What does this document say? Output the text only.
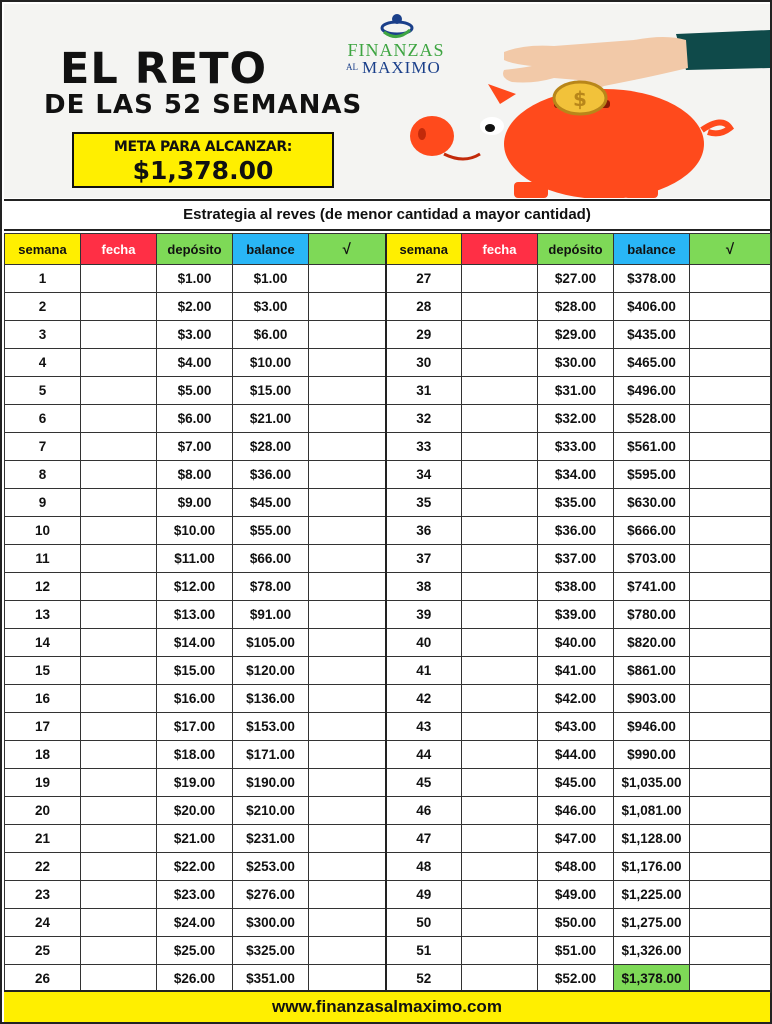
EL RETO
DE LAS 52 SEMANAS
META PARA ALCANZAR:
$1,378.00
FINANZAS
AL MAXIMO
$
Estrategia al reves (de menor cantidad a mayor cantidad)
semana	fecha	depósito	balance	√	semana	fecha	depósito	balance	√
1		$1.00	$1.00		27		$27.00	$378.00	
2		$2.00	$3.00		28		$28.00	$406.00	
3		$3.00	$6.00		29		$29.00	$435.00	
4		$4.00	$10.00		30		$30.00	$465.00	
5		$5.00	$15.00		31		$31.00	$496.00	
6		$6.00	$21.00		32		$32.00	$528.00	
7		$7.00	$28.00		33		$33.00	$561.00	
8		$8.00	$36.00		34		$34.00	$595.00	
9		$9.00	$45.00		35		$35.00	$630.00	
10		$10.00	$55.00		36		$36.00	$666.00	
11		$11.00	$66.00		37		$37.00	$703.00	
12		$12.00	$78.00		38		$38.00	$741.00	
13		$13.00	$91.00		39		$39.00	$780.00	
14		$14.00	$105.00		40		$40.00	$820.00	
15		$15.00	$120.00		41		$41.00	$861.00	
16		$16.00	$136.00		42		$42.00	$903.00	
17		$17.00	$153.00		43		$43.00	$946.00	
18		$18.00	$171.00		44		$44.00	$990.00	
19		$19.00	$190.00		45		$45.00	$1,035.00	
20		$20.00	$210.00		46		$46.00	$1,081.00	
21		$21.00	$231.00		47		$47.00	$1,128.00	
22		$22.00	$253.00		48		$48.00	$1,176.00	
23		$23.00	$276.00		49		$49.00	$1,225.00	
24		$24.00	$300.00		50		$50.00	$1,275.00	
25		$25.00	$325.00		51		$51.00	$1,326.00	
26		$26.00	$351.00		52		$52.00	$1,378.00	
www.finanzasalmaximo.com
